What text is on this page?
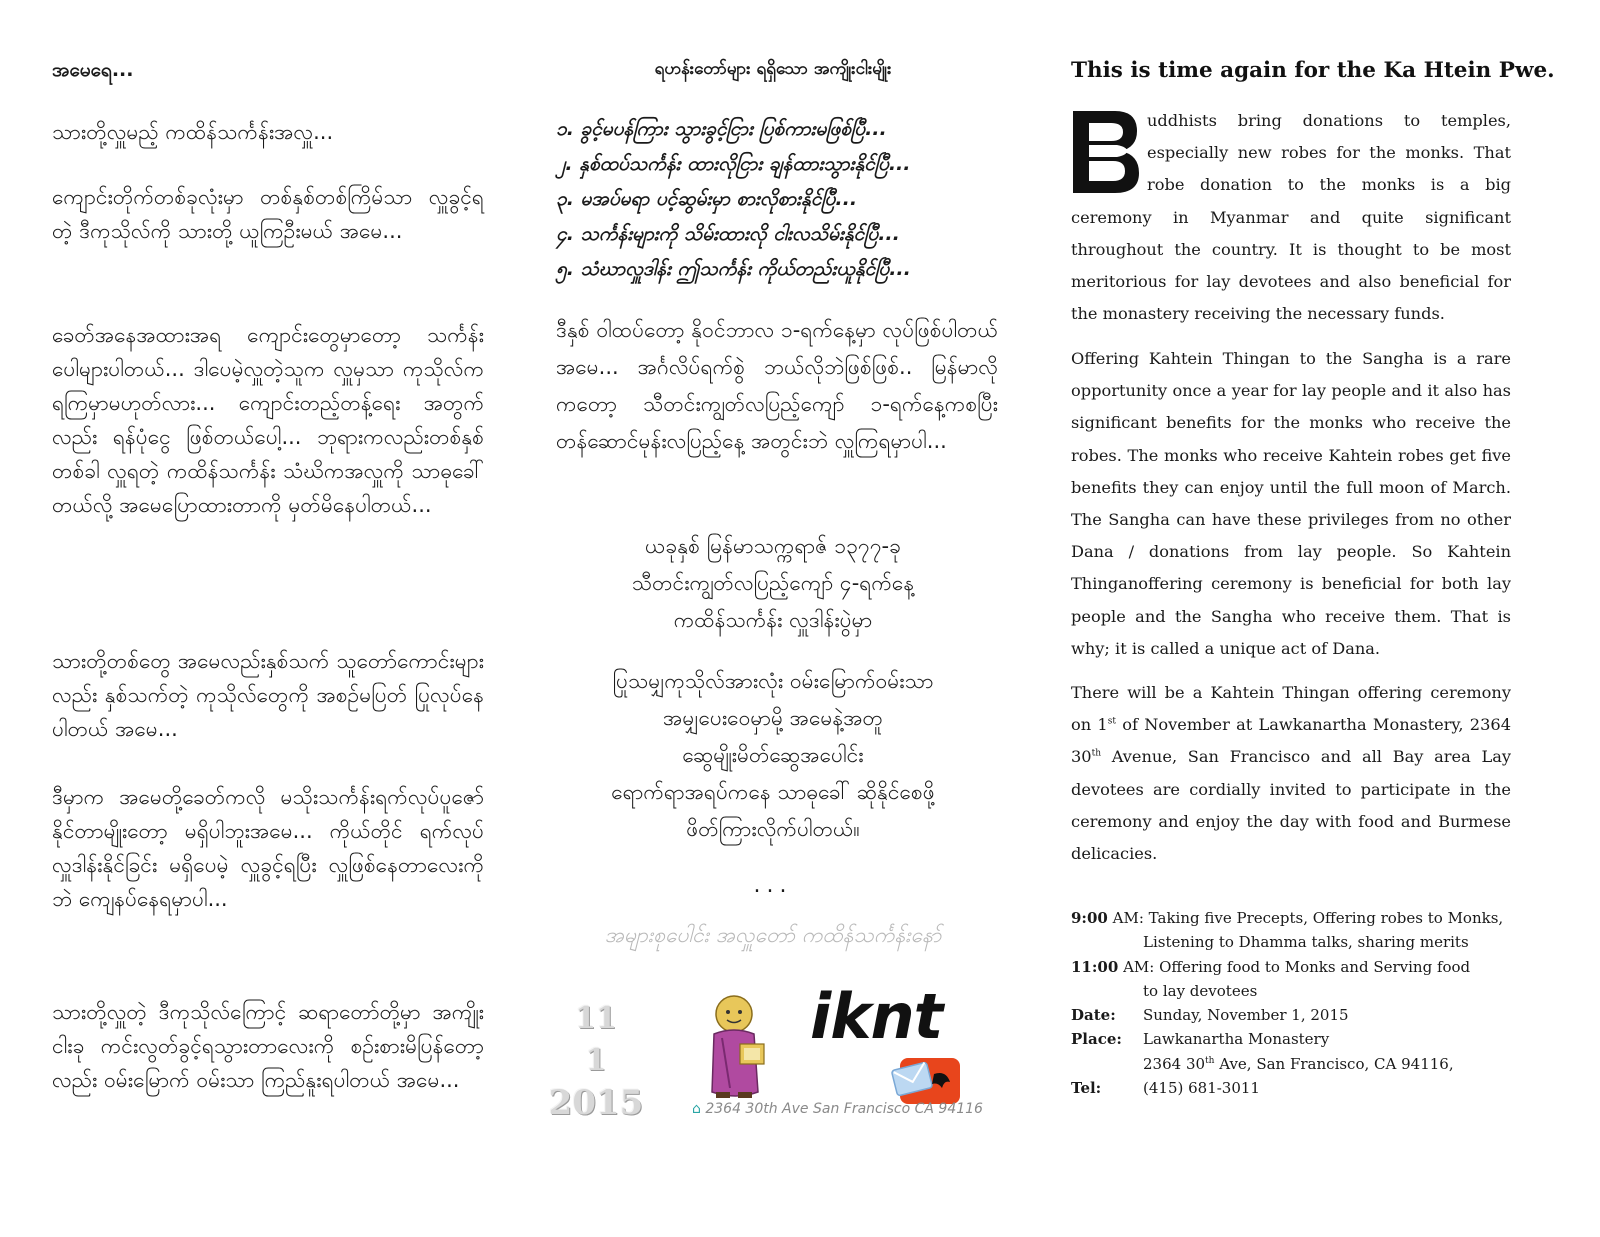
အမေရေ...
သားတို့လှူမည့် ကထိန်သင်္ကန်းအလှူ...
ကျောင်းတိုက်တစ်ခုလုံးမှာ တစ်နှစ်တစ်ကြိမ်သာ လှူခွင့်ရတဲ့ ဒီကုသိုလ်ကို သားတို့ ယူကြဦးမယ် အမေ...
ခေတ်အနေအထားအရ ကျောင်းတွေမှာတော့ သင်္ကန်းပေါများပါတယ်... ဒါပေမဲ့လှူတဲ့သူက လှူမှသာ ကုသိုလ်က ရကြမှာမဟုတ်လား... ကျောင်းတည့်တန့်ရေး အတွက်လည်း ရန်ပုံငွေ ဖြစ်တယ်ပေါ့... ဘုရားကလည်းတစ်နှစ်တစ်ခါ လှူရတဲ့ ကထိန်သင်္ကန်း သံဃိကအလှူကို သာဓုခေါ်တယ်လို့ အမေပြောထားတာကို မှတ်မိနေပါတယ်...
သားတို့တစ်တွေ အမေလည်းနှစ်သက် သူတော်ကောင်းများလည်း နှစ်သက်တဲ့ ကုသိုလ်တွေကို အစဉ်မပြတ် ပြုလုပ်နေပါတယ် အမေ...
ဒီမှာက အမေတို့ခေတ်ကလို မသိုးသင်္ကန်းရက်လုပ်ပူဇော်နိုင်တာမျိုးတော့ မရှိပါဘူးအမေ... ကိုယ်တိုင် ရက်လုပ် လှူဒါန်းနိုင်ခြင်း မရှိပေမဲ့ လှူခွင့်ရပြီး လှူဖြစ်နေတာလေးကိုဘဲ ကျေနပ်နေရမှာပါ...
သားတို့လှူတဲ့ ဒီကုသိုလ်ကြောင့် ဆရာတော်တို့မှာ အကျိုးငါးခု ကင်းလွတ်ခွင့်ရသွားတာလေးကို စဉ်းစားမိပြန်တော့လည်း ဝမ်းမြောက် ဝမ်းသာ ကြည်နူးရပါတယ် အမေ...
ရဟန်းတော်များ ရရှိသော အကျိုးငါးမျိုး
၁. ခွင့်မပန်ကြား သွားခွင့်ငြား ပြစ်ကားမဖြစ်ပြီ...
၂. နှစ်ထပ်သင်္ကန်း ထားလိုငြား ချန်ထားသွားနိုင်ပြီ...
၃. မအပ်မရာ ပင့်ဆွမ်းမှာ စားလိုစားနိုင်ပြီ...
၄. သင်္ကန်းများကို သိမ်းထားလို ငါးလသိမ်းနိုင်ပြီ...
၅. သံဃာလှူဒါန်း ဤသင်္ကန်း ကိုယ်တည်းယူနိုင်ပြီ...
ဒီနှစ် ဝါထပ်တော့ နိုဝင်ဘာလ ၁-ရက်နေ့မှာ လုပ်ဖြစ်ပါတယ်အမေ... အင်္ဂလိပ်ရက်စွဲ ဘယ်လိုဘဲဖြစ်ဖြစ်.. မြန်မာလိုကတော့ သီတင်းကျွတ်လပြည့်ကျော် ၁-ရက်နေ့ကစပြီး တန်ဆောင်မုန်းလပြည့်နေ့ အတွင်းဘဲ လှူကြရမှာပါ...
ယခုနှစ် မြန်မာသက္ကရာဇ် ၁၃၇၇-ခု
သီတင်းကျွတ်လပြည့်ကျော် ၄-ရက်နေ့
ကထိန်သင်္ကန်း လှူဒါန်းပွဲမှာ
ပြုသမျှကုသိုလ်အားလုံး ဝမ်းမြောက်ဝမ်းသာ
အမျှပေးဝေမှာမို့ အမေနဲ့အတူ
ဆွေမျိုးမိတ်ဆွေအပေါင်း
ရောက်ရာအရပ်ကနေ သာဓုခေါ် ဆိုနိုင်စေဖို့
ဖိတ်ကြားလိုက်ပါတယ်။
...
အများစုပေါင်း အလှူတော် ကထိန်သင်္ကန်းနော်
11
1
2015
iknt
⌂ 2364 30th Ave San Francisco CA 94116
This is time again for the Ka Htein Pwe.
uddhists bring donations to temples, especially new robes for the monks. That robe donation to the monks is a big ceremony in Myanmar and quite significant throughout the country. It is thought to be most meritorious for lay devotees and also beneficial for the monastery receiving the necessary funds.
Offering Kahtein Thingan to the Sangha is a rare opportunity once a year for lay people and it also has significant benefits for the monks who receive the robes. The monks who receive Kahtein robes get five benefits they can enjoy until the full moon of March. The Sangha can have these privileges from no other Dana / donations from lay people. So Kahtein Thinganoffering ceremony is beneficial for both lay people and the Sangha who receive them. That is why; it is called a unique act of Dana.
There will be a Kahtein Thingan offering ceremony on 1st of November at Lawkanartha Monastery, 2364 30th Avenue, San Francisco and all Bay area Lay devotees are cordially invited to participate in the ceremony and enjoy the day with food and Burmese delicacies.
9:00 AM: Taking five Precepts, Offering robes to Monks,
Listening to Dhamma talks, sharing merits
11:00 AM: Offering food to Monks and Serving food
to lay devotees
Date:	Sunday, November 1, 2015
Place:	Lawkanartha Monastery
2364 30th Ave, San Francisco, CA 94116,
Tel:	(415) 681-3011
